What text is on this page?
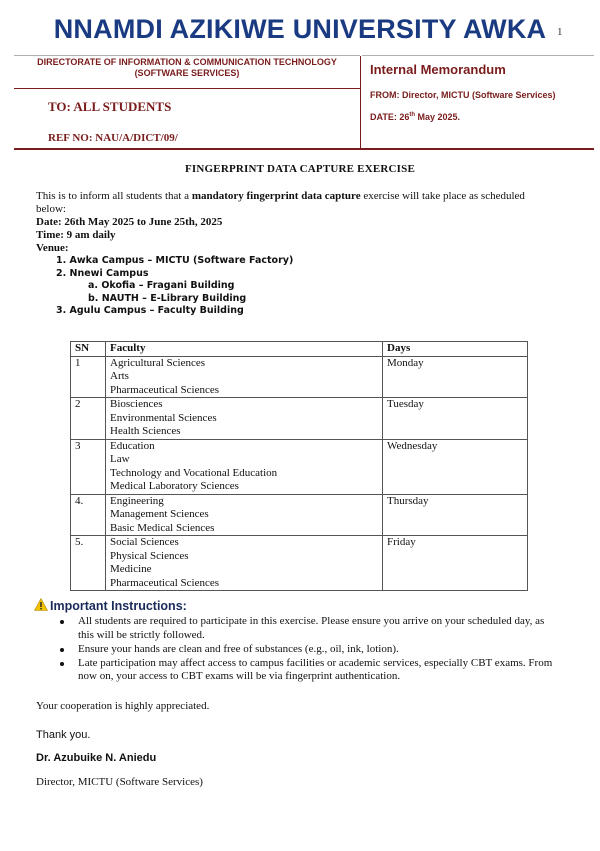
NNAMDI AZIKIWE UNIVERSITY AWKA 1
DIRECTORATE OF INFORMATION & COMMUNICATION TECHNOLOGY
(SOFTWARE SERVICES)	Internal Memorandum
FROM: Director, MICTU (Software Services)
DATE: 26th May 2025.
TO: ALL STUDENTS
REF NO: NAU/A/DICT/09/
FINGERPRINT DATA CAPTURE EXERCISE
This is to inform all students that a mandatory fingerprint data capture exercise will take place as scheduled below:
Date: 26th May 2025 to June 25th, 2025
Time: 9 am daily
Venue:
1. Awka Campus – MICTU (Software Factory)
2. Nnewi Campus
a. Okofia – Fragani Building
b. NAUTH – E-Library Building
3. Agulu Campus – Faculty Building
SN	Faculty	Days
1	Agricultural Sciences
Arts
Pharmaceutical Sciences	Monday
2	Biosciences
Environmental Sciences
Health Sciences	Tuesday
3	Education
Law
Technology and Vocational Education
Medical Laboratory Sciences	Wednesday
4.	Engineering
Management Sciences
Basic Medical Sciences	Thursday
5.	Social Sciences
Physical Sciences
Medicine
Pharmaceutical Sciences	Friday
Important Instructions:
All students are required to participate in this exercise. Please ensure you arrive on your scheduled day, as this will be strictly followed.
Ensure your hands are clean and free of substances (e.g., oil, ink, lotion).
Late participation may affect access to campus facilities or academic services, especially CBT exams. From now on, your access to CBT exams will be via fingerprint authentication.
Your cooperation is highly appreciated.
Thank you.
Dr. Azubuike N. Aniedu
Director, MICTU (Software Services)
